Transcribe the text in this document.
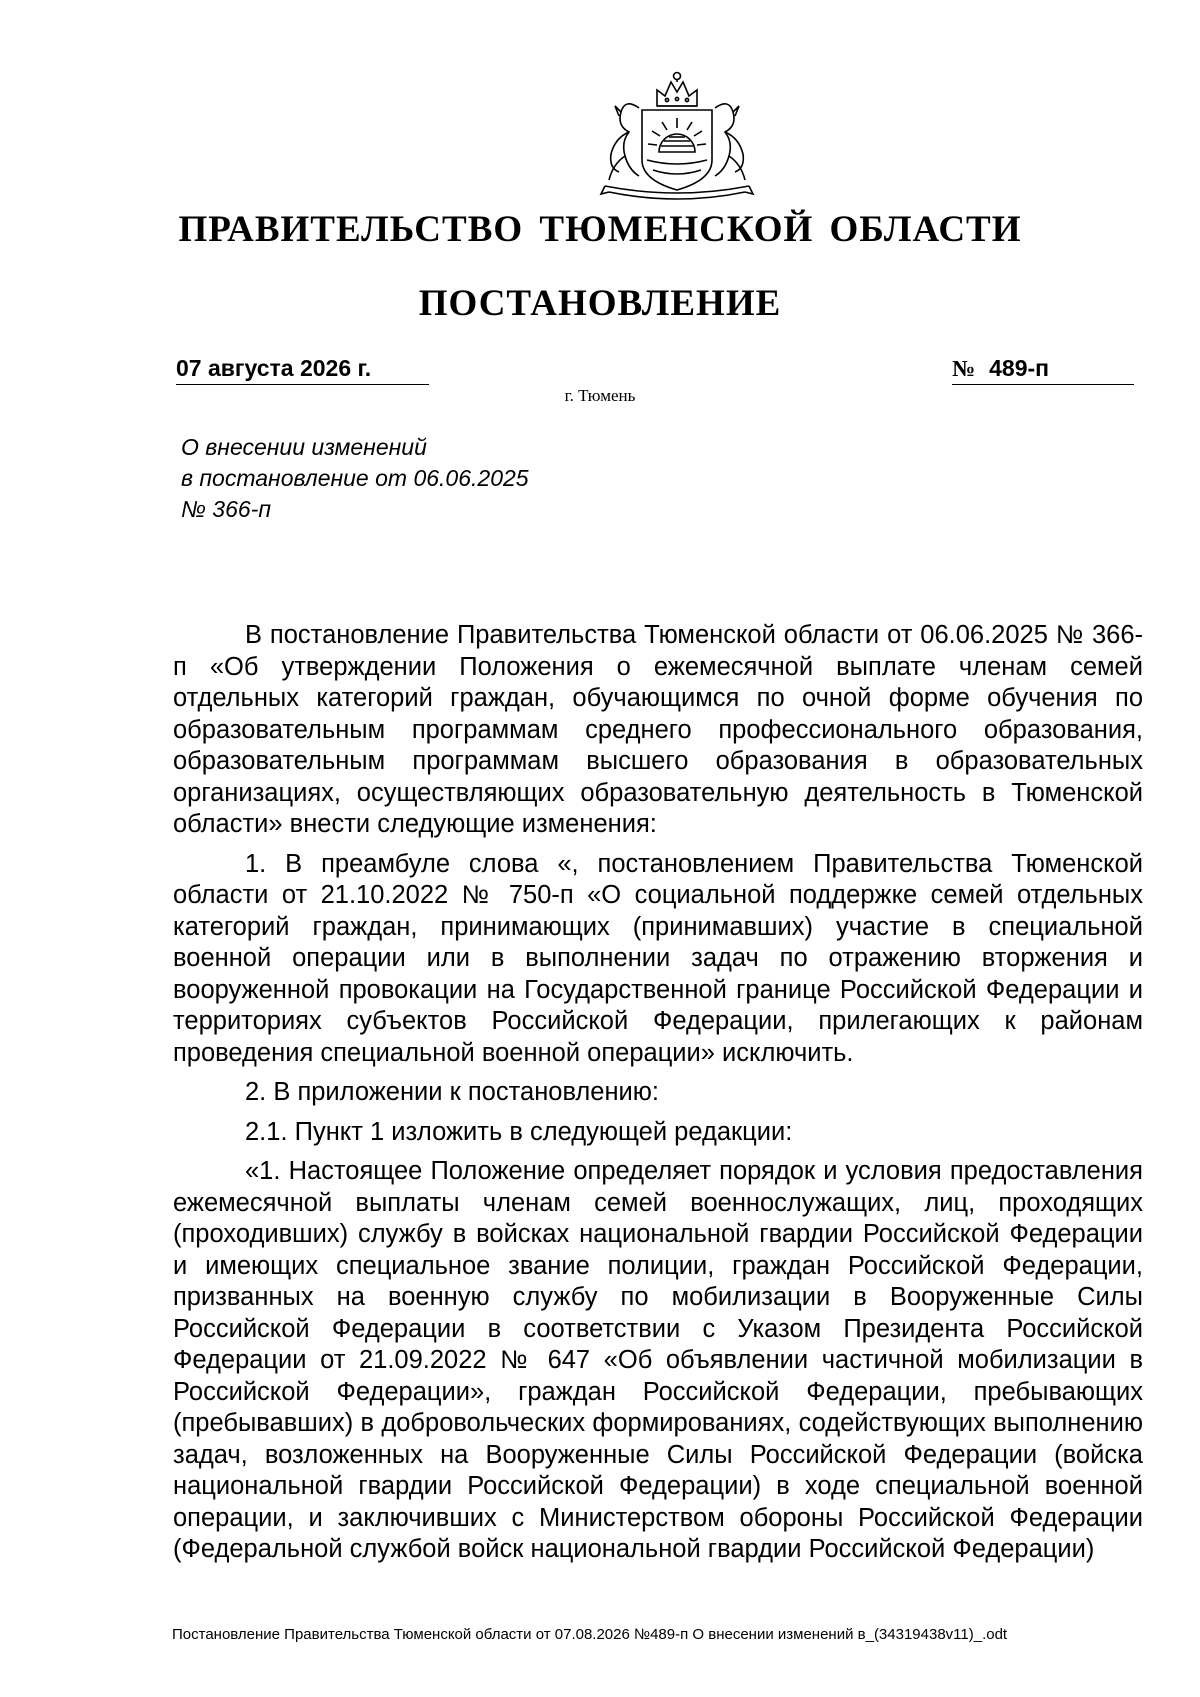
ПРАВИТЕЛЬСТВО ТЮМЕНСКОЙ ОБЛАСТИ
ПОСТАНОВЛЕНИЕ
07 августа 2026 г.	№ 489-п
г. Тюмень
О внесении изменений
в постановление от 06.06.2025
№ 366-п

В постановление Правительства Тюменской области от 06.06.2025 № 366-п «Об утверждении Положения о ежемесячной выплате членам семей отдельных категорий граждан, обучающимся по очной форме обучения по образовательным программам среднего профессионального образования, образовательным программам высшего образования в образовательных организациях, осуществляющих образовательную деятельность в Тюменской области» внести следующие изменения:

1. В преамбуле слова «, постановлением Правительства Тюменской области от 21.10.2022 № 750-п «О социальной поддержке семей отдельных категорий граждан, принимающих (принимавших) участие в специальной военной операции или в выполнении задач по отражению вторжения и вооруженной провокации на Государственной границе Российской Федерации и территориях субъектов Российской Федерации, прилегающих к районам проведения специальной военной операции» исключить.

2. В приложении к постановлению:

2.1. Пункт 1 изложить в следующей редакции:

«1. Настоящее Положение определяет порядок и условия предоставления ежемесячной выплаты членам семей военнослужащих, лиц, проходящих (проходивших) службу в войсках национальной гвардии Российской Федерации и имеющих специальное звание полиции, граждан Российской Федерации, призванных на военную службу по мобилизации в Вооруженные Силы Российской Федерации в соответствии с Указом Президента Российской Федерации от 21.09.2022 № 647 «Об объявлении частичной мобилизации в Российской Федерации», граждан Российской Федерации, пребывающих (пребывавших) в добровольческих формированиях, содействующих выполнению задач, возложенных на Вооруженные Силы Российской Федерации (войска национальной гвардии Российской Федерации) в ходе специальной военной операции, и заключивших с Министерством обороны Российской Федерации (Федеральной службой войск национальной гвардии Российской Федерации)

Постановление Правительства Тюменской области от 07.08.2026 №489-п О внесении изменений в_(34319438v11)_.odt
